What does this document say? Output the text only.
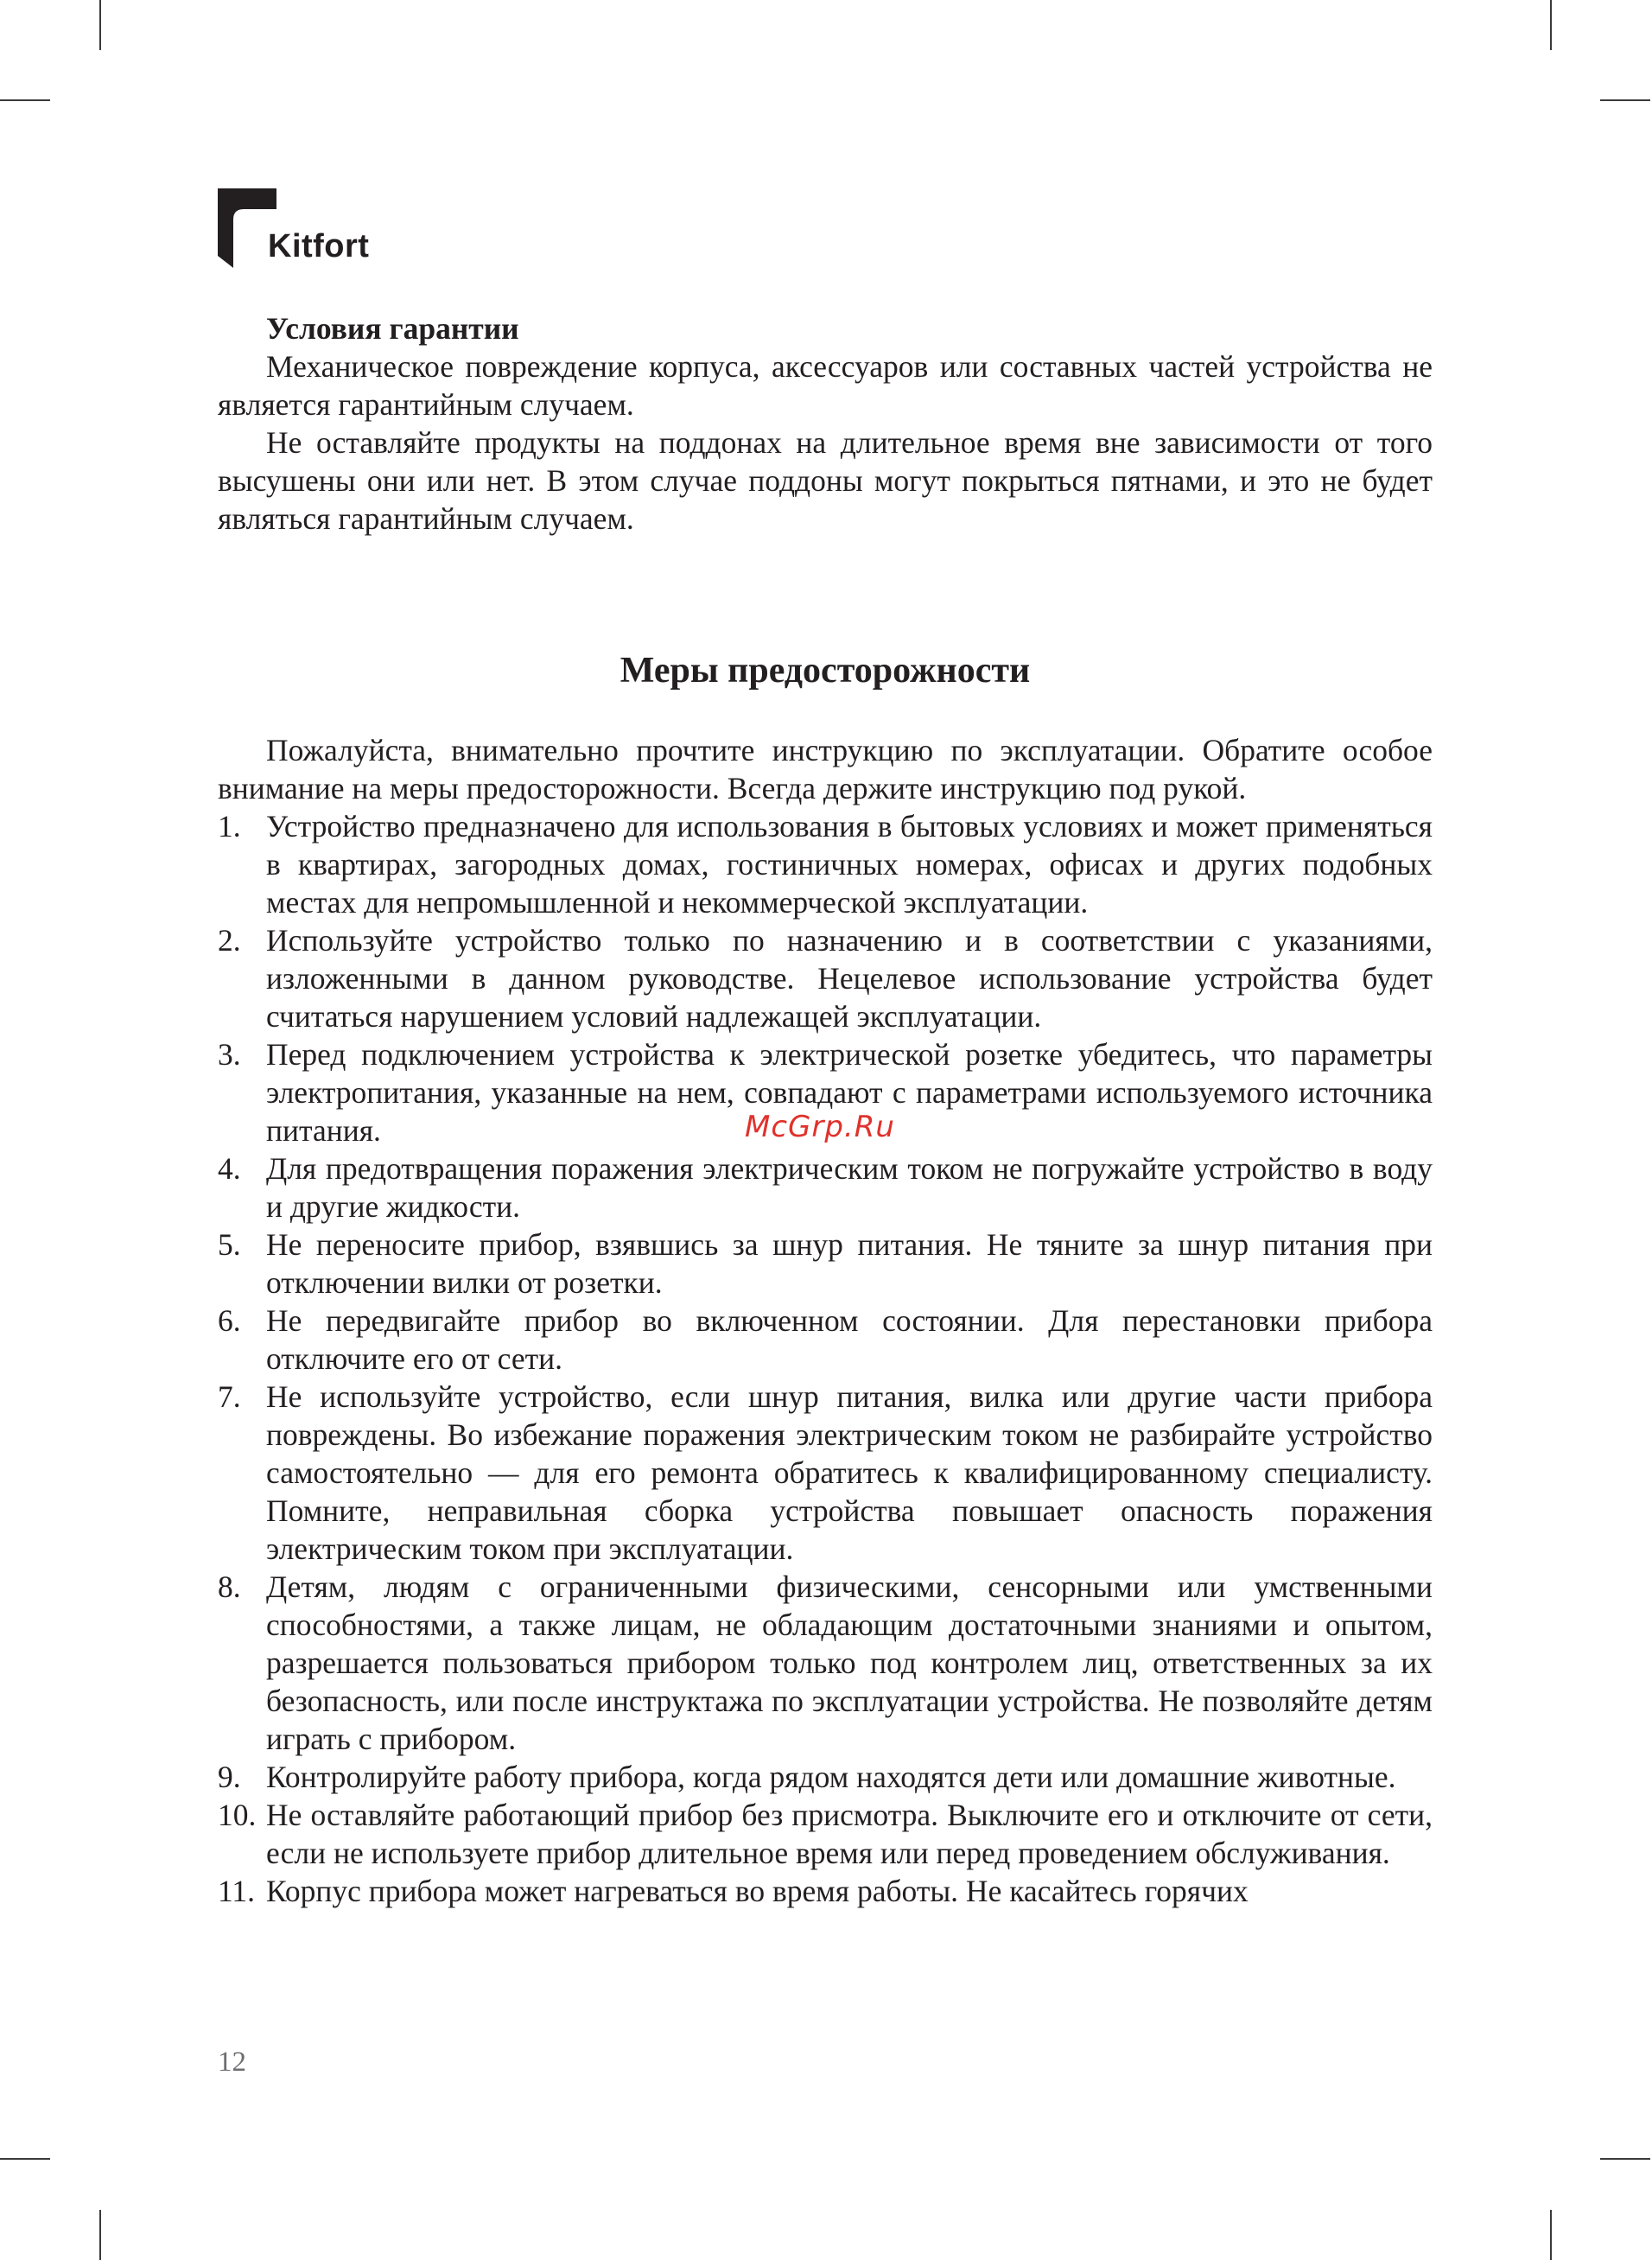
Kitfort
Условия гарантии

Механическое повреждение корпуса, аксессуаров или составных частей устройства не является гарантийным случаем.

Не оставляйте продукты на поддонах на длительное время вне зависимости от того высушены они или нет. В этом случае поддоны могут покрыться пятнами, и это не будет являться гарантийным случаем.

Меры предосторожности

Пожалуйста, внимательно прочтите инструкцию по эксплуатации. Обратите особое внимание на меры предосторожности. Всегда держите инструкцию под рукой.

1. Устройство предназначено для использования в бытовых условиях и может применяться в квартирах, загородных домах, гостиничных номерах, офисах и других подобных местах для непромышленной и некоммерческой эксплуатации.
2. Используйте устройство только по назначению и в соответствии с указаниями, изложенными в данном руководстве. Нецелевое использование устройства будет считаться нарушением условий надлежащей эксплуатации.
3. Перед подключением устройства к электрической розетке убедитесь, что параметры электропитания, указанные на нем, совпадают с параметрами используемого источника питания.
4. Для предотвращения поражения электрическим током не погружайте устройство в воду и другие жидкости.
5. Не переносите прибор, взявшись за шнур питания. Не тяните за шнур питания при отключении вилки от розетки.
6. Не передвигайте прибор во включенном состоянии. Для перестановки прибора отключите его от сети.
7. Не используйте устройство, если шнур питания, вилка или другие части прибора повреждены. Во избежание поражения электрическим током не разбирайте устройство самостоятельно — для его ремонта обратитесь к квалифицированному специалисту. Помните, неправильная сборка устройства повышает опасность поражения электрическим током при эксплуатации.
8. Детям, людям с ограниченными физическими, сенсорными или умственными способностями, а также лицам, не обладающим достаточными знаниями и опытом, разрешается пользоваться прибором только под контролем лиц, ответственных за их безопасность, или после инструктажа по эксплуатации устройства. Не позволяйте детям играть с прибором.
9. Контролируйте работу прибора, когда рядом находятся дети или домашние животные.
10. Не оставляйте работающий прибор без присмотра. Выключите его и отключите от сети, если не используете прибор длительное время или перед проведением обслуживания.
11. Корпус прибора может нагреваться во время работы. Не касайтесь горячих
McGrp.Ru
12
